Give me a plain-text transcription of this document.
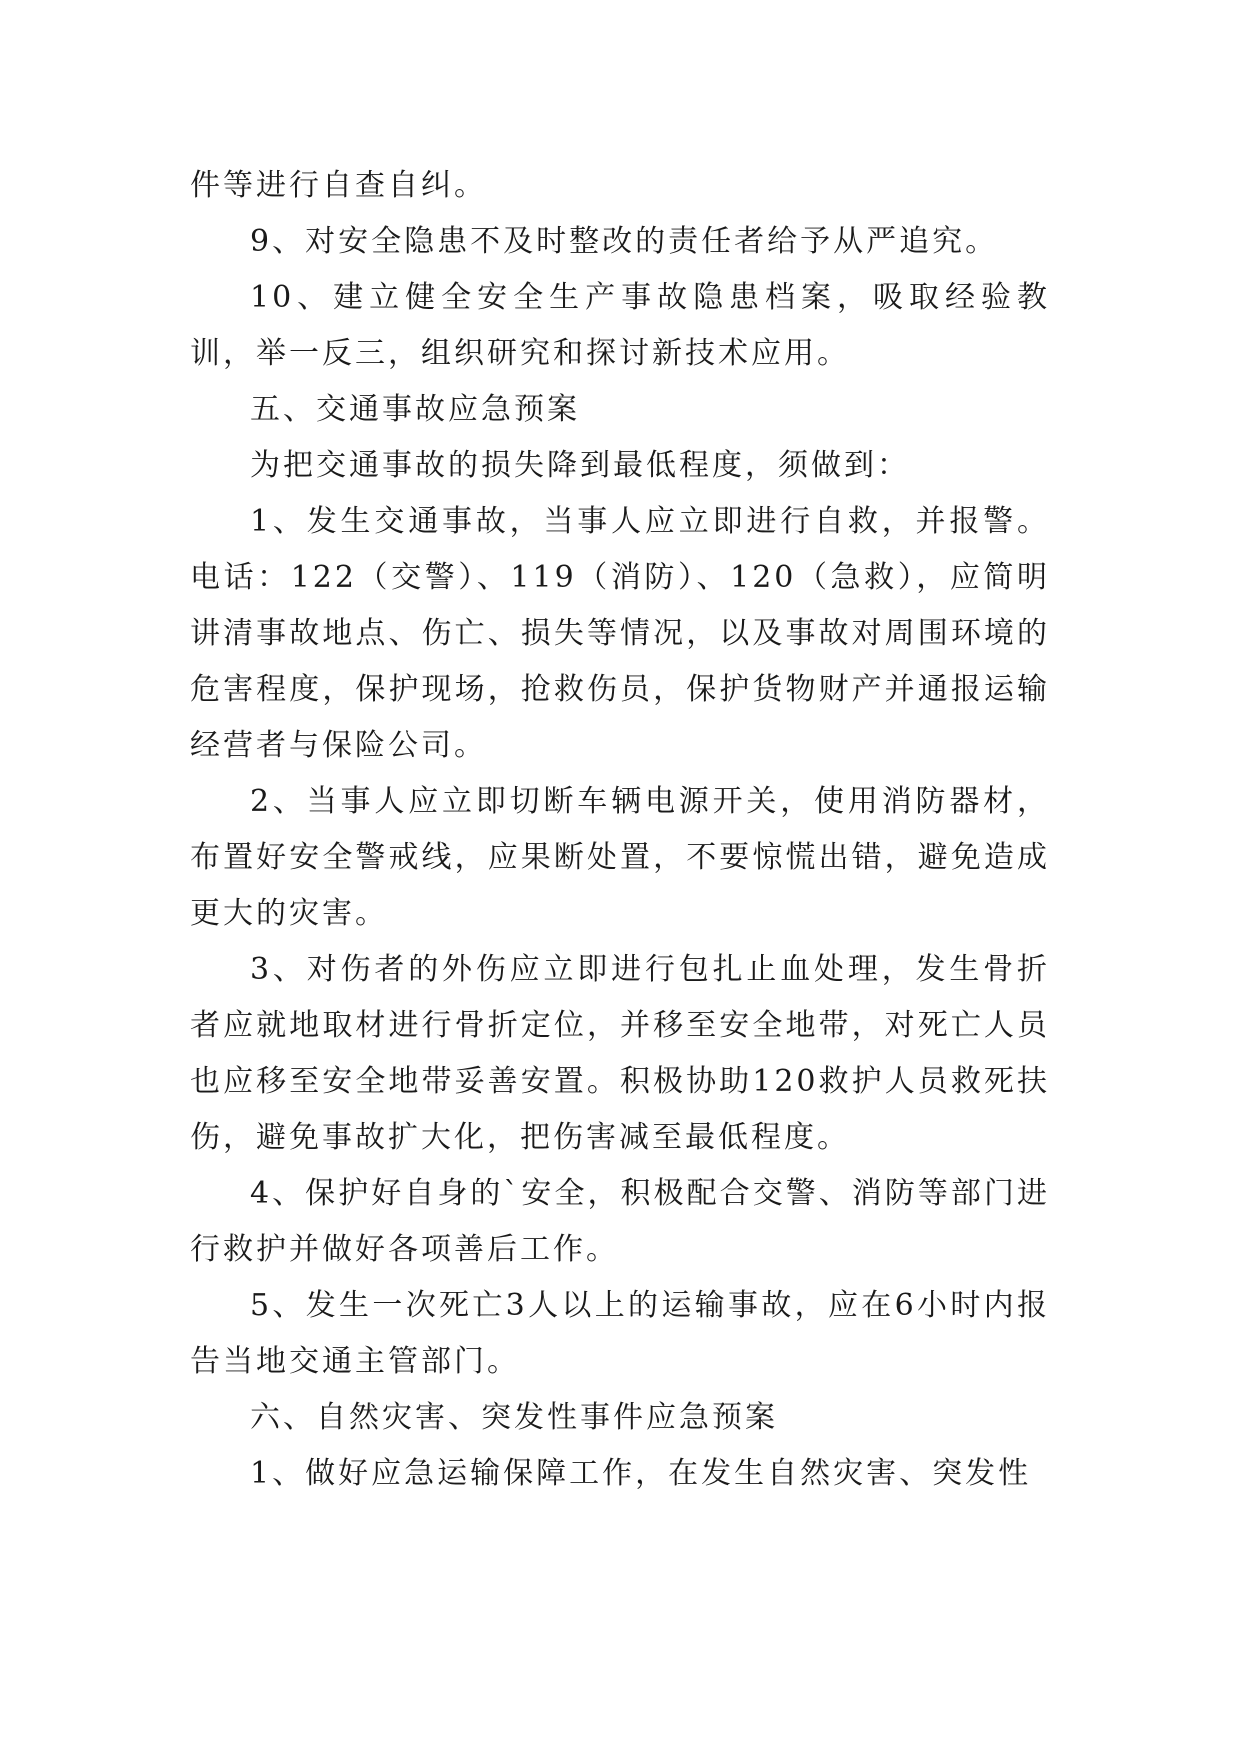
件等进行自查自纠。

9、对安全隐患不及时整改的责任者给予从严追究。

10、建立健全安全生产事故隐患档案，吸取经验教训，举一反三，组织研究和探讨新技术应用。

五、交通事故应急预案

为把交通事故的损失降到最低程度，须做到：

1、发生交通事故，当事人应立即进行自救，并报警。电话：122（交警）、119（消防）、120（急救），应简明讲清事故地点、伤亡、损失等情况，以及事故对周围环境的危害程度，保护现场，抢救伤员，保护货物财产并通报运输经营者与保险公司。

2、当事人应立即切断车辆电源开关，使用消防器材，布置好安全警戒线，应果断处置，不要惊慌出错，避免造成更大的灾害。

3、对伤者的外伤应立即进行包扎止血处理，发生骨折者应就地取材进行骨折定位，并移至安全地带，对死亡人员也应移至安全地带妥善安置。积极协助120救护人员救死扶伤，避免事故扩大化，把伤害减至最低程度。

4、保护好自身的`安全，积极配合交警、消防等部门进行救护并做好各项善后工作。

5、发生一次死亡3人以上的运输事故，应在6小时内报告当地交通主管部门。

六、自然灾害、突发性事件应急预案

1、做好应急运输保障工作，在发生自然灾害、突发性
